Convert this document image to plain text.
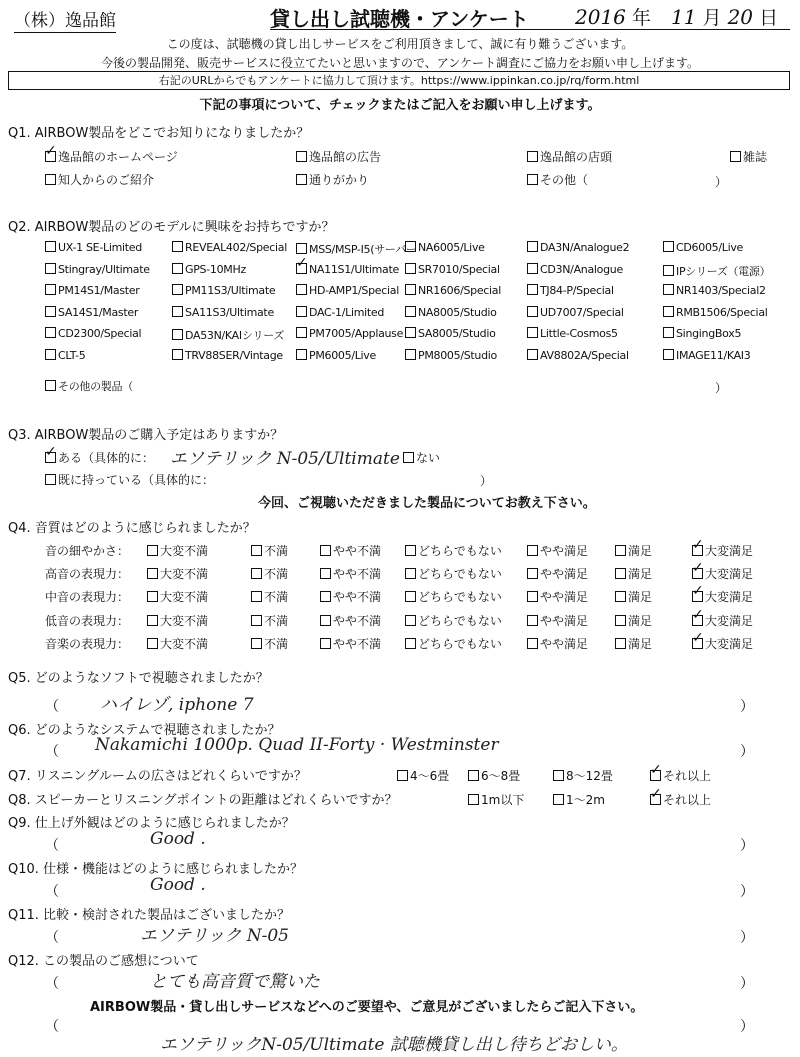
（株）逸品館	貸し出し試聴機・アンケート 2016 年 11 月 20 日
この度は、試聴機の貸し出しサービスをご利用頂きまして、誠に有り難うございます。
今後の製品開発、販売サービスに役立てたいと思いますので、アンケート調査にご協力をお願い申し上げます。
右記のURLからでもアンケートに協力して頂けます。https://www.ippinkan.co.jp/rq/form.html
下記の事項について、チェックまたはご記入をお願い申し上げます。
Q1. AIRBOW製品をどこでお知りになりましたか？
✓逸品館のホームページ	逸品館の広告	逸品館の店頭	雑誌
知人からのご紹介	通りがかり	その他（	）
Q2. AIRBOW製品のどのモデルに興味をお持ちですか？
UX-1 SE-Limited	REVEAL402/Special	MSS/MSP-I5(サーバー NA6005/Live	DA3N/Analogue2	CD6005/Live
Stingray/Ultimate	GPS-10MHz ✓	NA11S1/Ultimate	SR7010/Special	CD3N/Analogue	IPシリーズ（電源）
PM14S1/Master	PM11S3/Ultimate	HD-AMP1/Special	NR1606/Special	TJ84-P/Special	NR1403/Special2
SA14S1/Master	SA11S3/Ultimate	DAC-1/Limited	NA8005/Studio	UD7007/Special	RMB1506/Special
CD2300/Special	DA53N/KAIシリーズ	PM7005/Applause	SA8005/Studio	Little-Cosmos5	SingingBox5
CLT-5	TRV88SER/Vintage	PM6005/Live	PM8005/Studio	AV8802A/Special	IMAGE11/KAI3
その他の製品（	）
Q3. AIRBOW製品のご購入予定はありますか？
✓ある（具体的に： エソテリック N-05/Ultimate	ない
既に持っている（具体的に：	）
今回、ご視聴いただきました製品についてお教え下さい。
Q4. 音質はどのように感じられましたか？
音の細やかさ：	大変不満	不満	やや不満	どちらでもない	やや満足	満足 ✓	大変満足
高音の表現力：	大変不満	不満	やや不満	どちらでもない	やや満足	満足 ✓	大変満足
中音の表現力：	大変不満	不満	やや不満	どちらでもない	やや満足	満足 ✓	大変満足
低音の表現力：	大変不満	不満	やや不満	どちらでもない	やや満足	満足 ✓	大変満足
音楽の表現力：	大変不満	不満	やや不満	どちらでもない	やや満足	満足 ✓	大変満足
Q5. どのようなソフトで視聴されましたか？
（	）
ハイレゾ, iphone 7
Q6. どのようなシステムで視聴されましたか？
（	）
Nakamichi 1000p. Quad II-Forty · Westminster
Q7. リスニングルームの広さはどれくらいですか？	4～6畳	6～8畳	8～12畳 ✓	それ以上
Q8. スピーカーとリスニングポイントの距離はどれくらいですか？	1m以下	1～2m ✓	それ以上
Q9. 仕上げ外観はどのように感じられましたか？
（	）
Good .
Q10. 仕様・機能はどのように感じられましたか？
（	）
Good .
Q11. 比較・検討された製品はございましたか？
（	）
エソテリック N-05
Q12. この製品のご感想について
（	）
とても高音質で驚いた
AIRBOW製品・貸し出しサービスなどへのご要望や、ご意見がございましたらご記入下さい。
（	）
エソテリックN-05/Ultimate 試聴機貸し出し待ちどおしい。
